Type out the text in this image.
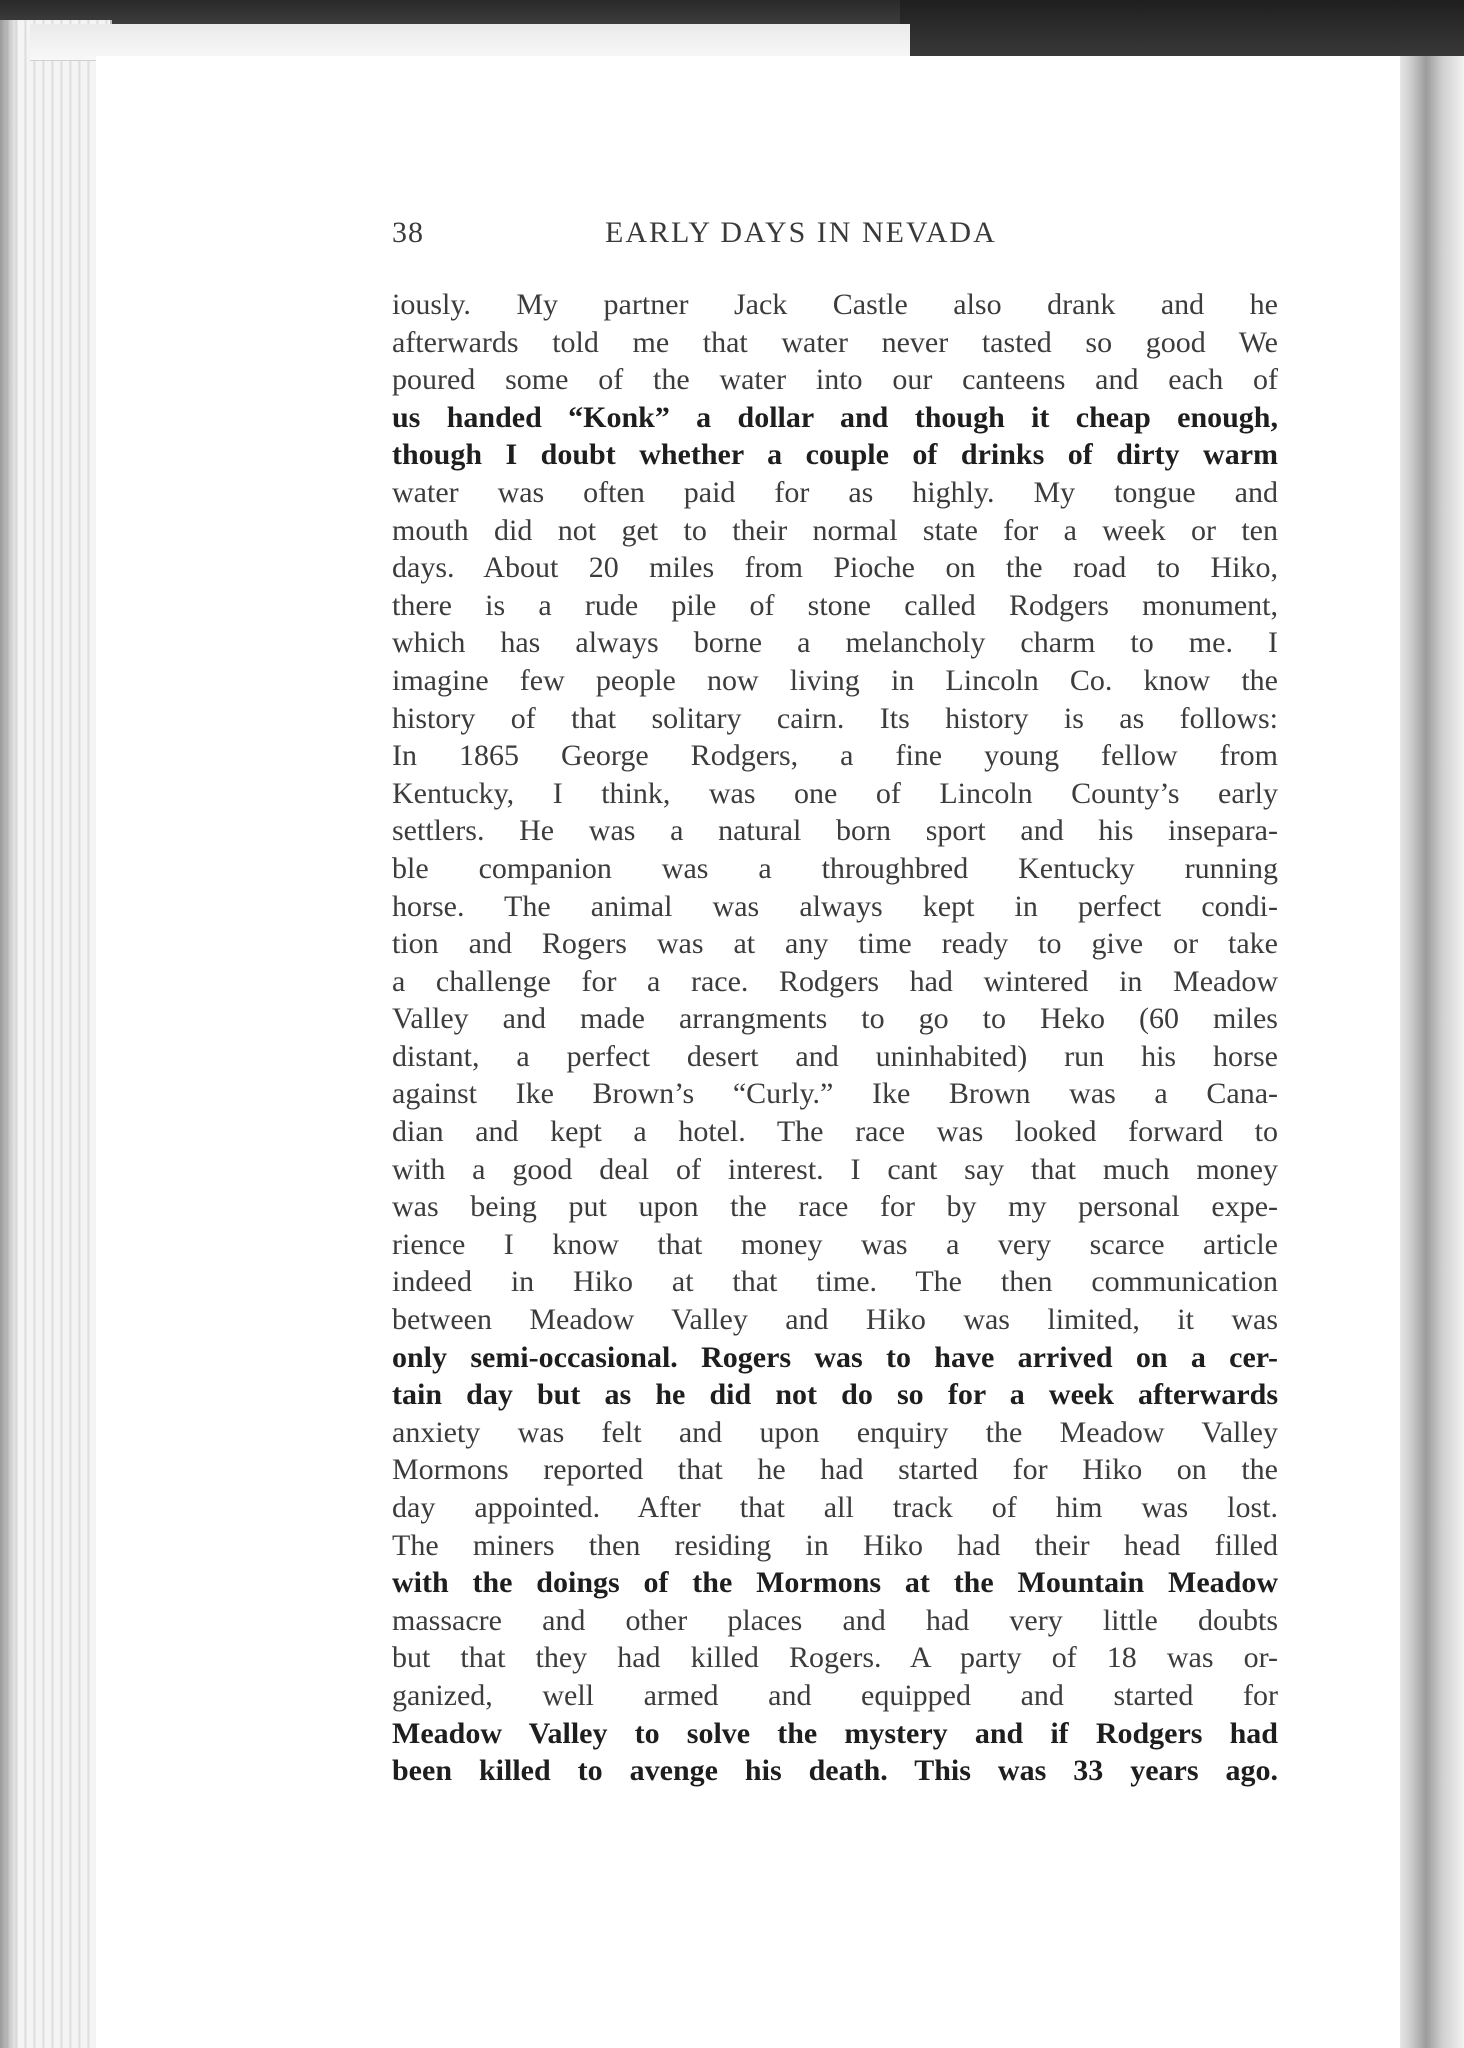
38	EARLY DAYS IN NEVADA
iously. My partner Jack Castle also drank and he
afterwards told me that water never tasted so good We
poured some of the water into our canteens and each of
us handed “Konk” a dollar and though it cheap enough,
though I doubt whether a couple of drinks of dirty warm
water was often paid for as highly. My tongue and
mouth did not get to their normal state for a week or ten
days. About 20 miles from Pioche on the road to Hiko,
there is a rude pile of stone called Rodgers monument,
which has always borne a melancholy charm to me. I
imagine few people now living in Lincoln Co. know the
history of that solitary cairn. Its history is as follows:
In 1865 George Rodgers, a fine young fellow from
Kentucky, I think, was one of Lincoln County’s early
settlers. He was a natural born sport and his insepara-
ble companion was a throughbred Kentucky running
horse. The animal was always kept in perfect condi-
tion and Rogers was at any time ready to give or take
a challenge for a race. Rodgers had wintered in Meadow
Valley and made arrangments to go to Heko (60 miles
distant, a perfect desert and uninhabited) run his horse
against Ike Brown’s “Curly.” Ike Brown was a Cana-
dian and kept a hotel. The race was looked forward to
with a good deal of interest. I cant say that much money
was being put upon the race for by my personal expe-
rience I know that money was a very scarce article
indeed in Hiko at that time. The then communication
between Meadow Valley and Hiko was limited, it was
only semi-occasional. Rogers was to have arrived on a cer-
tain day but as he did not do so for a week afterwards
anxiety was felt and upon enquiry the Meadow Valley
Mormons reported that he had started for Hiko on the
day appointed. After that all track of him was lost.
The miners then residing in Hiko had their head filled
with the doings of the Mormons at the Mountain Meadow
massacre and other places and had very little doubts
but that they had killed Rogers. A party of 18 was or-
ganized, well armed and equipped and started for
Meadow Valley to solve the mystery and if Rodgers had
been killed to avenge his death. This was 33 years ago.
